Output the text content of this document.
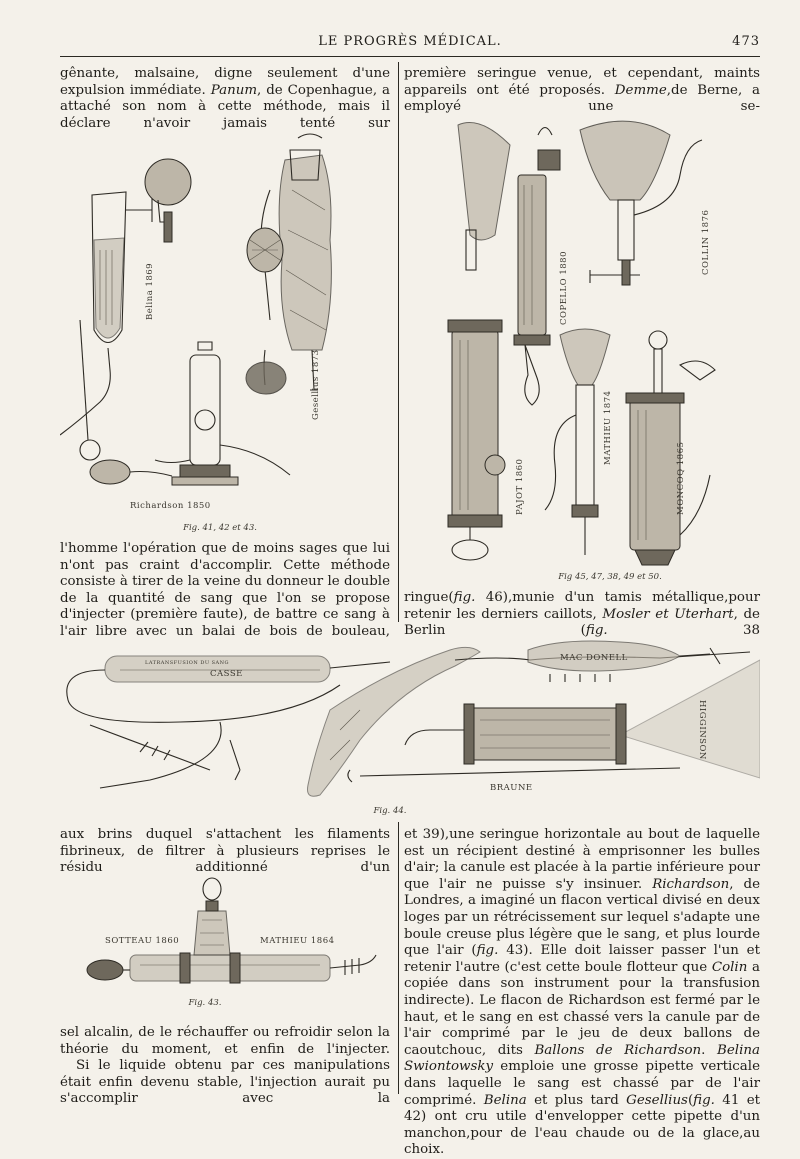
LE PROGRÈS MÉDICAL.	473

gênante, malsaine, digne seulement d'une expulsion immédiate. Panum, de Copenhague, a attaché son nom à cette méthode, mais il déclare n'avoir jamais tenté sur

première seringue venue, et cependant, maints appareils ont été proposés. Demme,de Berne, a employé une se-

Gesellius 1873
Belina 1869
Richardson 1850
Fig. 41, 42 et 43.
PAJOT 1860
COPELLO 1880
COLLIN 1876
MATHIEU 1874
MONCOQ 1865
Fig 45, 47, 38, 49 et 50.

l'homme l'opération que de moins sages que lui n'ont pas craint d'accomplir. Cette méthode consiste à tirer de la veine du donneur le double de la quantité de sang que l'on se propose d'injecter (première faute), de battre ce sang à l'air libre avec un balai de bois de bouleau,

ringue(fig. 46),munie d'un tamis métallique,pour retenir les derniers caillots, Mosler et Uterhart, de Berlin (fig. 38

LATRANSFUSION DU SANG
CASSE
MAC DONELL
HIGGINSON
BRAUNE
Fig. 44.

aux brins duquel s'attachent les filaments fibrineux, de filtrer à plusieurs reprises le résidu additionné d'un

SOTTEAU 1860	MATHIEU 1864
Fig. 43.

sel alcalin, de le réchauffer ou refroidir selon la théorie du moment, et enfin de l'injecter.

Si le liquide obtenu par ces manipulations était enfin devenu stable, l'injection aurait pu s'accomplir avec la

et 39),une seringue horizontale au bout de laquelle est un récipient destiné à emprisonner les bulles d'air; la canule est placée à la partie inférieure pour que l'air ne puisse s'y insinuer. Richardson, de Londres, a imaginé un flacon vertical divisé en deux loges par un rétrécissement sur lequel s'adapte une boule creuse plus légère que le sang, et plus lourde que l'air (fig. 43). Elle doit laisser passer l'un et retenir l'autre (c'est cette boule flotteur que Colin a copiée dans son instrument pour la transfusion indirecte). Le flacon de Richardson est fermé par le haut, et le sang en est chassé vers la canule par de l'air comprimé par le jeu de deux ballons de caoutchouc, dits Ballons de Richardson. Belina Swiontowsky emploie une grosse pipette verticale dans laquelle le sang est chassé par de l'air comprimé. Belina et plus tard Gesellius(fig. 41 et 42) ont cru utile d'envelopper cette pipette d'un manchon,pour de l'eau chaude ou de la glace,au choix.
